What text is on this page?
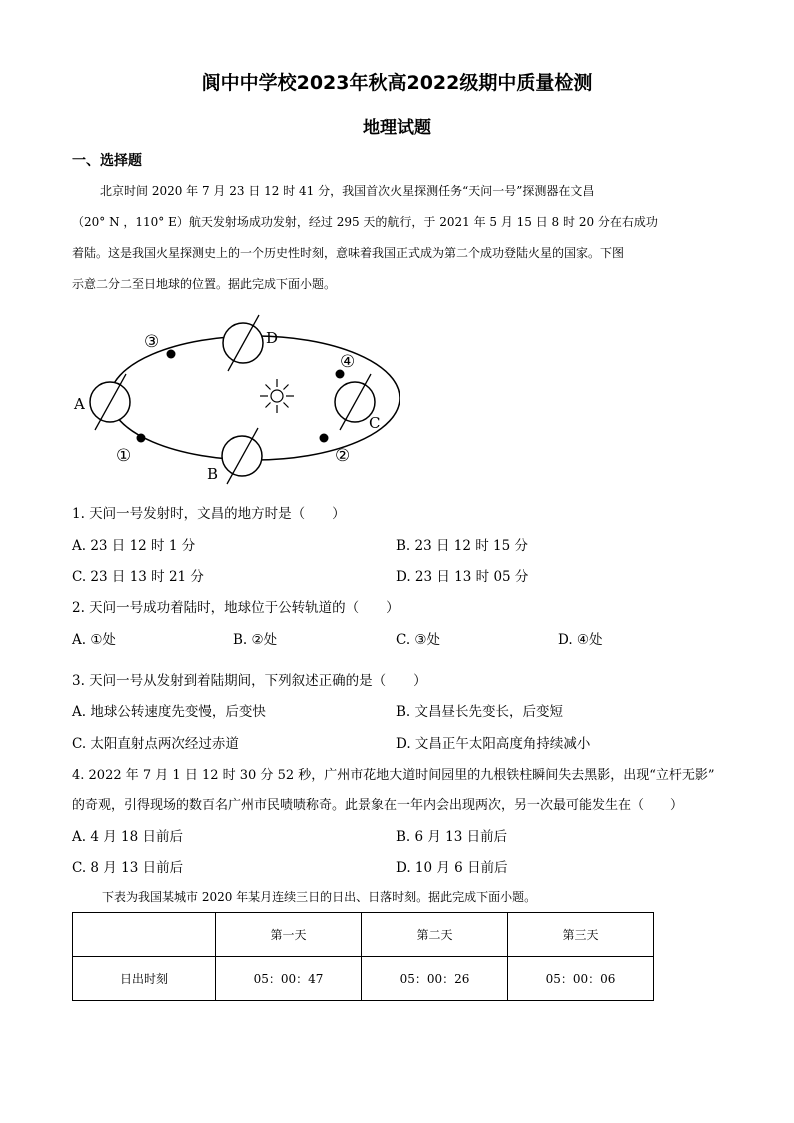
阆中中学校2023年秋高2022级期中质量检测
地理试题
一、选择题
北京时间 2020 年 7 月 23 日 12 时 41 分，我国首次火星探测任务“天问一号”探测器在文昌
（20° N ，110° E）航天发射场成功发射，经过 295 天的航行，于 2021 年 5 月 15 日 8 时 20 分在右成功
着陆。这是我国火星探测史上的一个历史性时刻，意味着我国正式成为第二个成功登陆火星的国家。下图
示意二分二至日地球的位置。据此完成下面小题。
A
D
C
B
③
④
①	②
1. 天问一号发射时，文昌的地方时是（　　）
A. 23 日 12 时 1 分	B. 23 日 12 时 15 分
C. 23 日 13 时 21 分	D. 23 日 13 时 05 分
2. 天问一号成功着陆时，地球位于公转轨道的（　　）
A. ①处	B. ②处	C. ③处	D. ④处
3. 天问一号从发射到着陆期间，下列叙述正确的是（　　）
A. 地球公转速度先变慢，后变快	B. 文昌昼长先变长，后变短
C. 太阳直射点两次经过赤道	D. 文昌正午太阳高度角持续减小
4. 2022 年 7 月 1 日 12 时 30 分 52 秒，广州市花地大道时间园里的九根铁柱瞬间失去黑影，出现“立杆无影”
的奇观，引得现场的数百名广州市民啧啧称奇。此景象在一年内会出现两次，另一次最可能发生在（　　）
A. 4 月 18 日前后	B. 6 月 13 日前后
C. 8 月 13 日前后	D. 10 月 6 日前后
下表为我国某城市 2020 年某月连续三日的日出、日落时刻。据此完成下面小题。
	第一天	第二天	第三天
日出时刻	05：00：47	05：00：26	05：00：06
